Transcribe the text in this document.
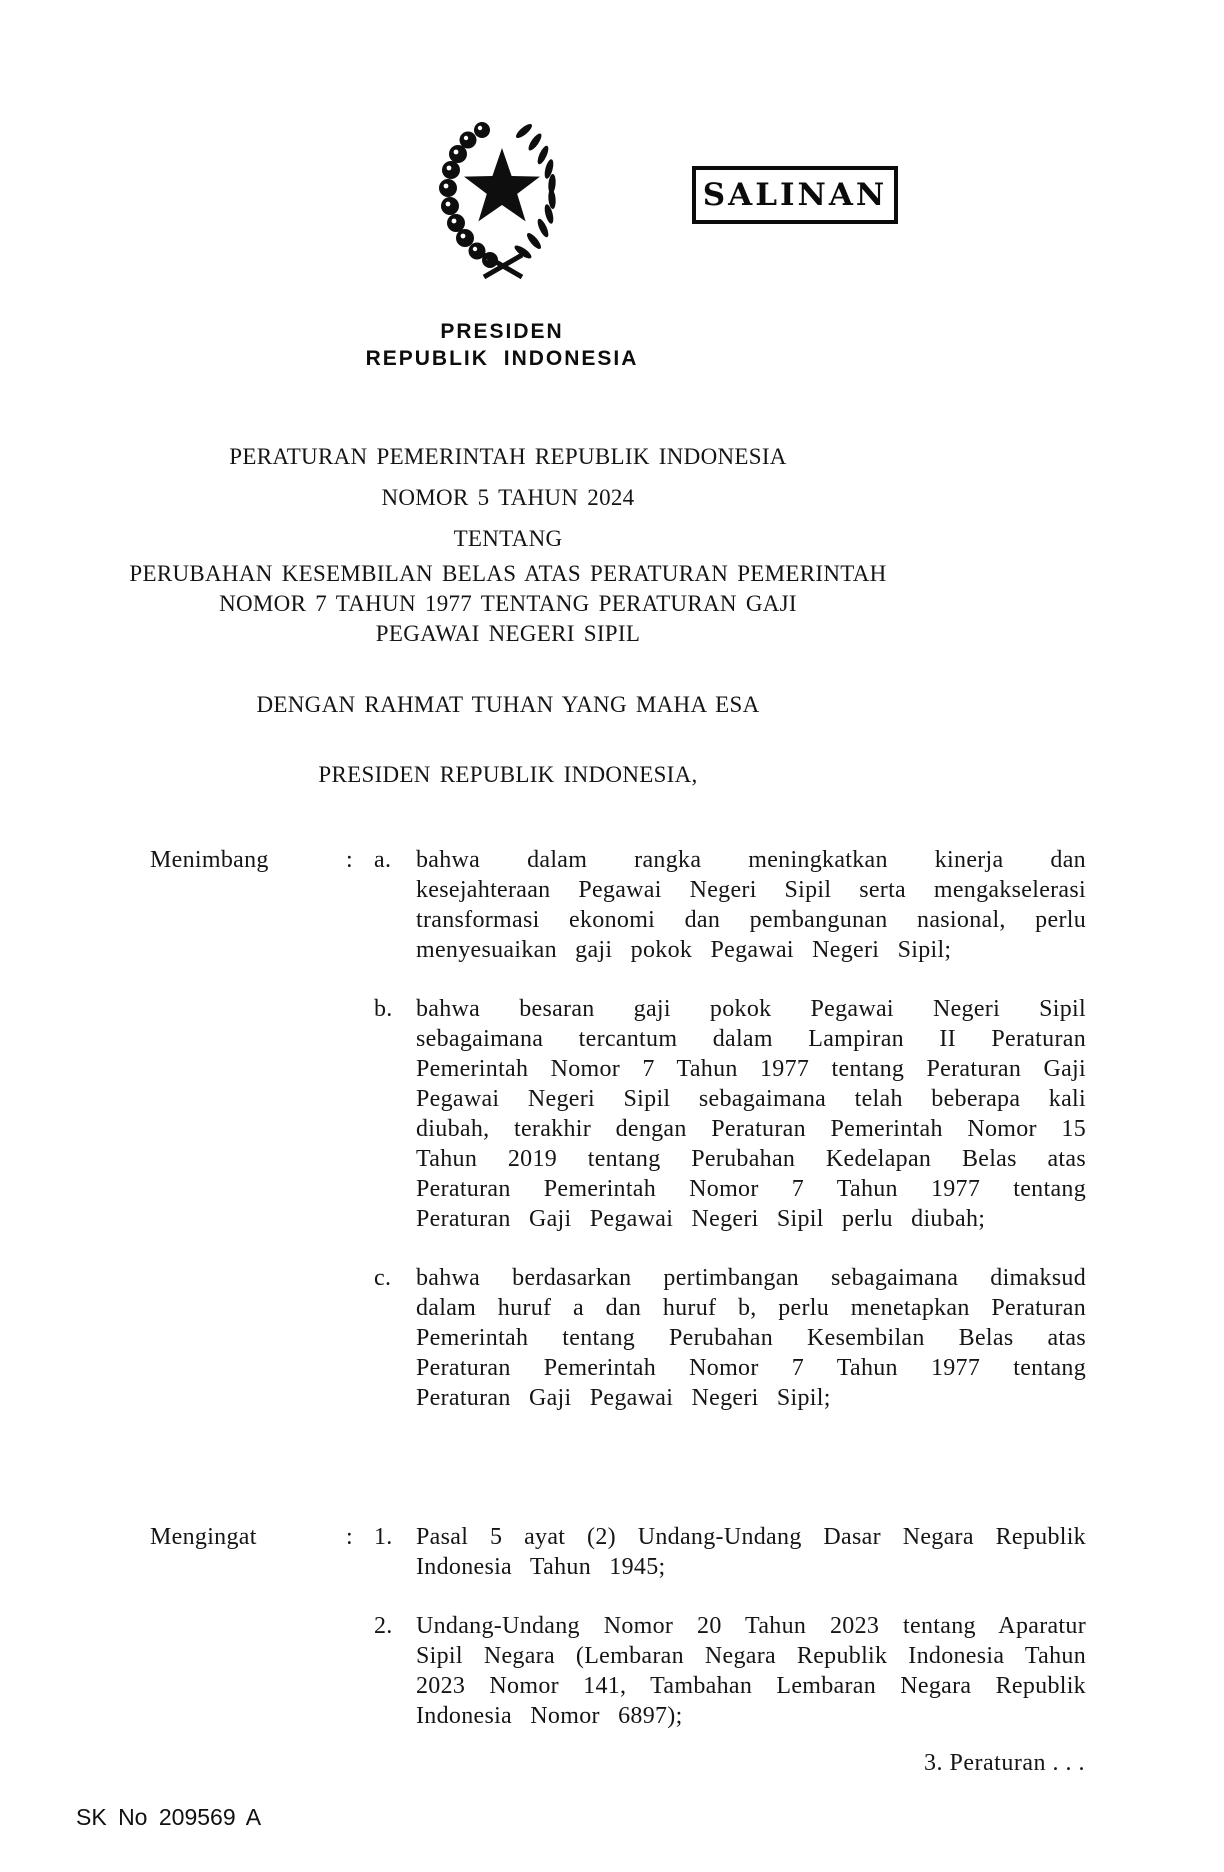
SALINAN
PRESIDEN
REPUBLIK INDONESIA
PERATURAN PEMERINTAH REPUBLIK INDONESIA
NOMOR 5 TAHUN 2024
TENTANG
PERUBAHAN KESEMBILAN BELAS ATAS PERATURAN PEMERINTAH
NOMOR 7 TAHUN 1977 TENTANG PERATURAN GAJI
PEGAWAI NEGERI SIPIL
DENGAN RAHMAT TUHAN YANG MAHA ESA
PRESIDEN REPUBLIK INDONESIA,
Menimbang	: a.	bahwa dalam rangka meningkatkan kinerja dan kesejahteraan Pegawai Negeri Sipil serta mengakselerasi transformasi ekonomi dan pembangunan nasional, perlu menyesuaikan gaji pokok Pegawai Negeri Sipil;
b. bahwa besaran gaji pokok Pegawai Negeri Sipil sebagaimana tercantum dalam Lampiran II Peraturan Pemerintah Nomor 7 Tahun 1977 tentang Peraturan Gaji Pegawai Negeri Sipil sebagaimana telah beberapa kali diubah, terakhir dengan Peraturan Pemerintah Nomor 15 Tahun 2019 tentang Perubahan Kedelapan Belas atas Peraturan Pemerintah Nomor 7 Tahun 1977 tentang Peraturan Gaji Pegawai Negeri Sipil perlu diubah;
c.	bahwa berdasarkan pertimbangan sebagaimana dimaksud dalam huruf a dan huruf b, perlu menetapkan Peraturan Pemerintah tentang Perubahan Kesembilan Belas atas Peraturan Pemerintah Nomor 7 Tahun 1977 tentang Peraturan Gaji Pegawai Negeri Sipil;
Mengingat	: 1. Pasal 5 ayat (2) Undang-Undang Dasar Negara Republik Indonesia Tahun 1945;
2. Undang-Undang Nomor 20 Tahun 2023 tentang Aparatur Sipil Negara (Lembaran Negara Republik Indonesia Tahun 2023 Nomor 141, Tambahan Lembaran Negara Republik Indonesia Nomor 6897);
3. Peraturan . . .
SK No 209569 A
